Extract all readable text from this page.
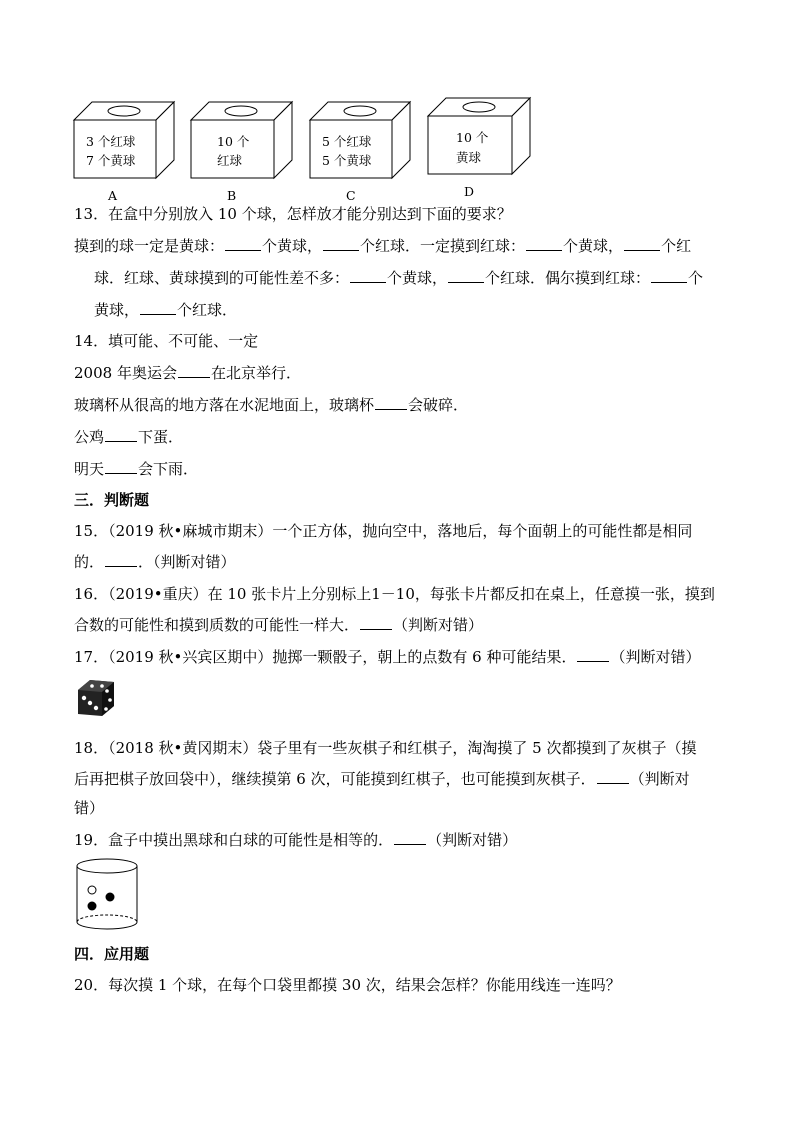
3 个红球
7 个黄球
A
10 个
红球
B
5 个红球
5 个黄球
C
10 个
黄球
D
13．在盒中分别放入 10 个球，怎样放才能分别达到下面的要求？
摸到的球一定是黄球：	个黄球，	个红球．一定摸到红球：	个黄球，	个红
球．红球、黄球摸到的可能性差不多：	个黄球，	个红球．偶尔摸到红球：	个
黄球，	个红球．
14．填可能、不可能、一定
2008 年奥运会 在北京举行．
玻璃杯从很高的地方落在水泥地面上，玻璃杯 会破碎．
公鸡 下蛋．
明天 会下雨．
三．判断题
15．（2019 秋•麻城市期末）一个正方体，抛向空中，落地后，每个面朝上的可能性都是相同
的． ．（判断对错）
16．（2019•重庆）在 10 张卡片上分别标上1－10，每张卡片都反扣在桌上，任意摸一张，摸到
合数的可能性和摸到质数的可能性一样大． （判断对错）
17．（2019 秋•兴宾区期中）抛掷一颗骰子，朝上的点数有 6 种可能结果． （判断对错）
18．（2018 秋•黄冈期末）袋子里有一些灰棋子和红棋子，淘淘摸了 5 次都摸到了灰棋子（摸
后再把棋子放回袋中），继续摸第 6 次，可能摸到红棋子，也可能摸到灰棋子． （判断对
错）
19．盒子中摸出黑球和白球的可能性是相等的． （判断对错）
四．应用题
20．每次摸 1 个球，在每个口袋里都摸 30 次，结果会怎样？你能用线连一连吗？
